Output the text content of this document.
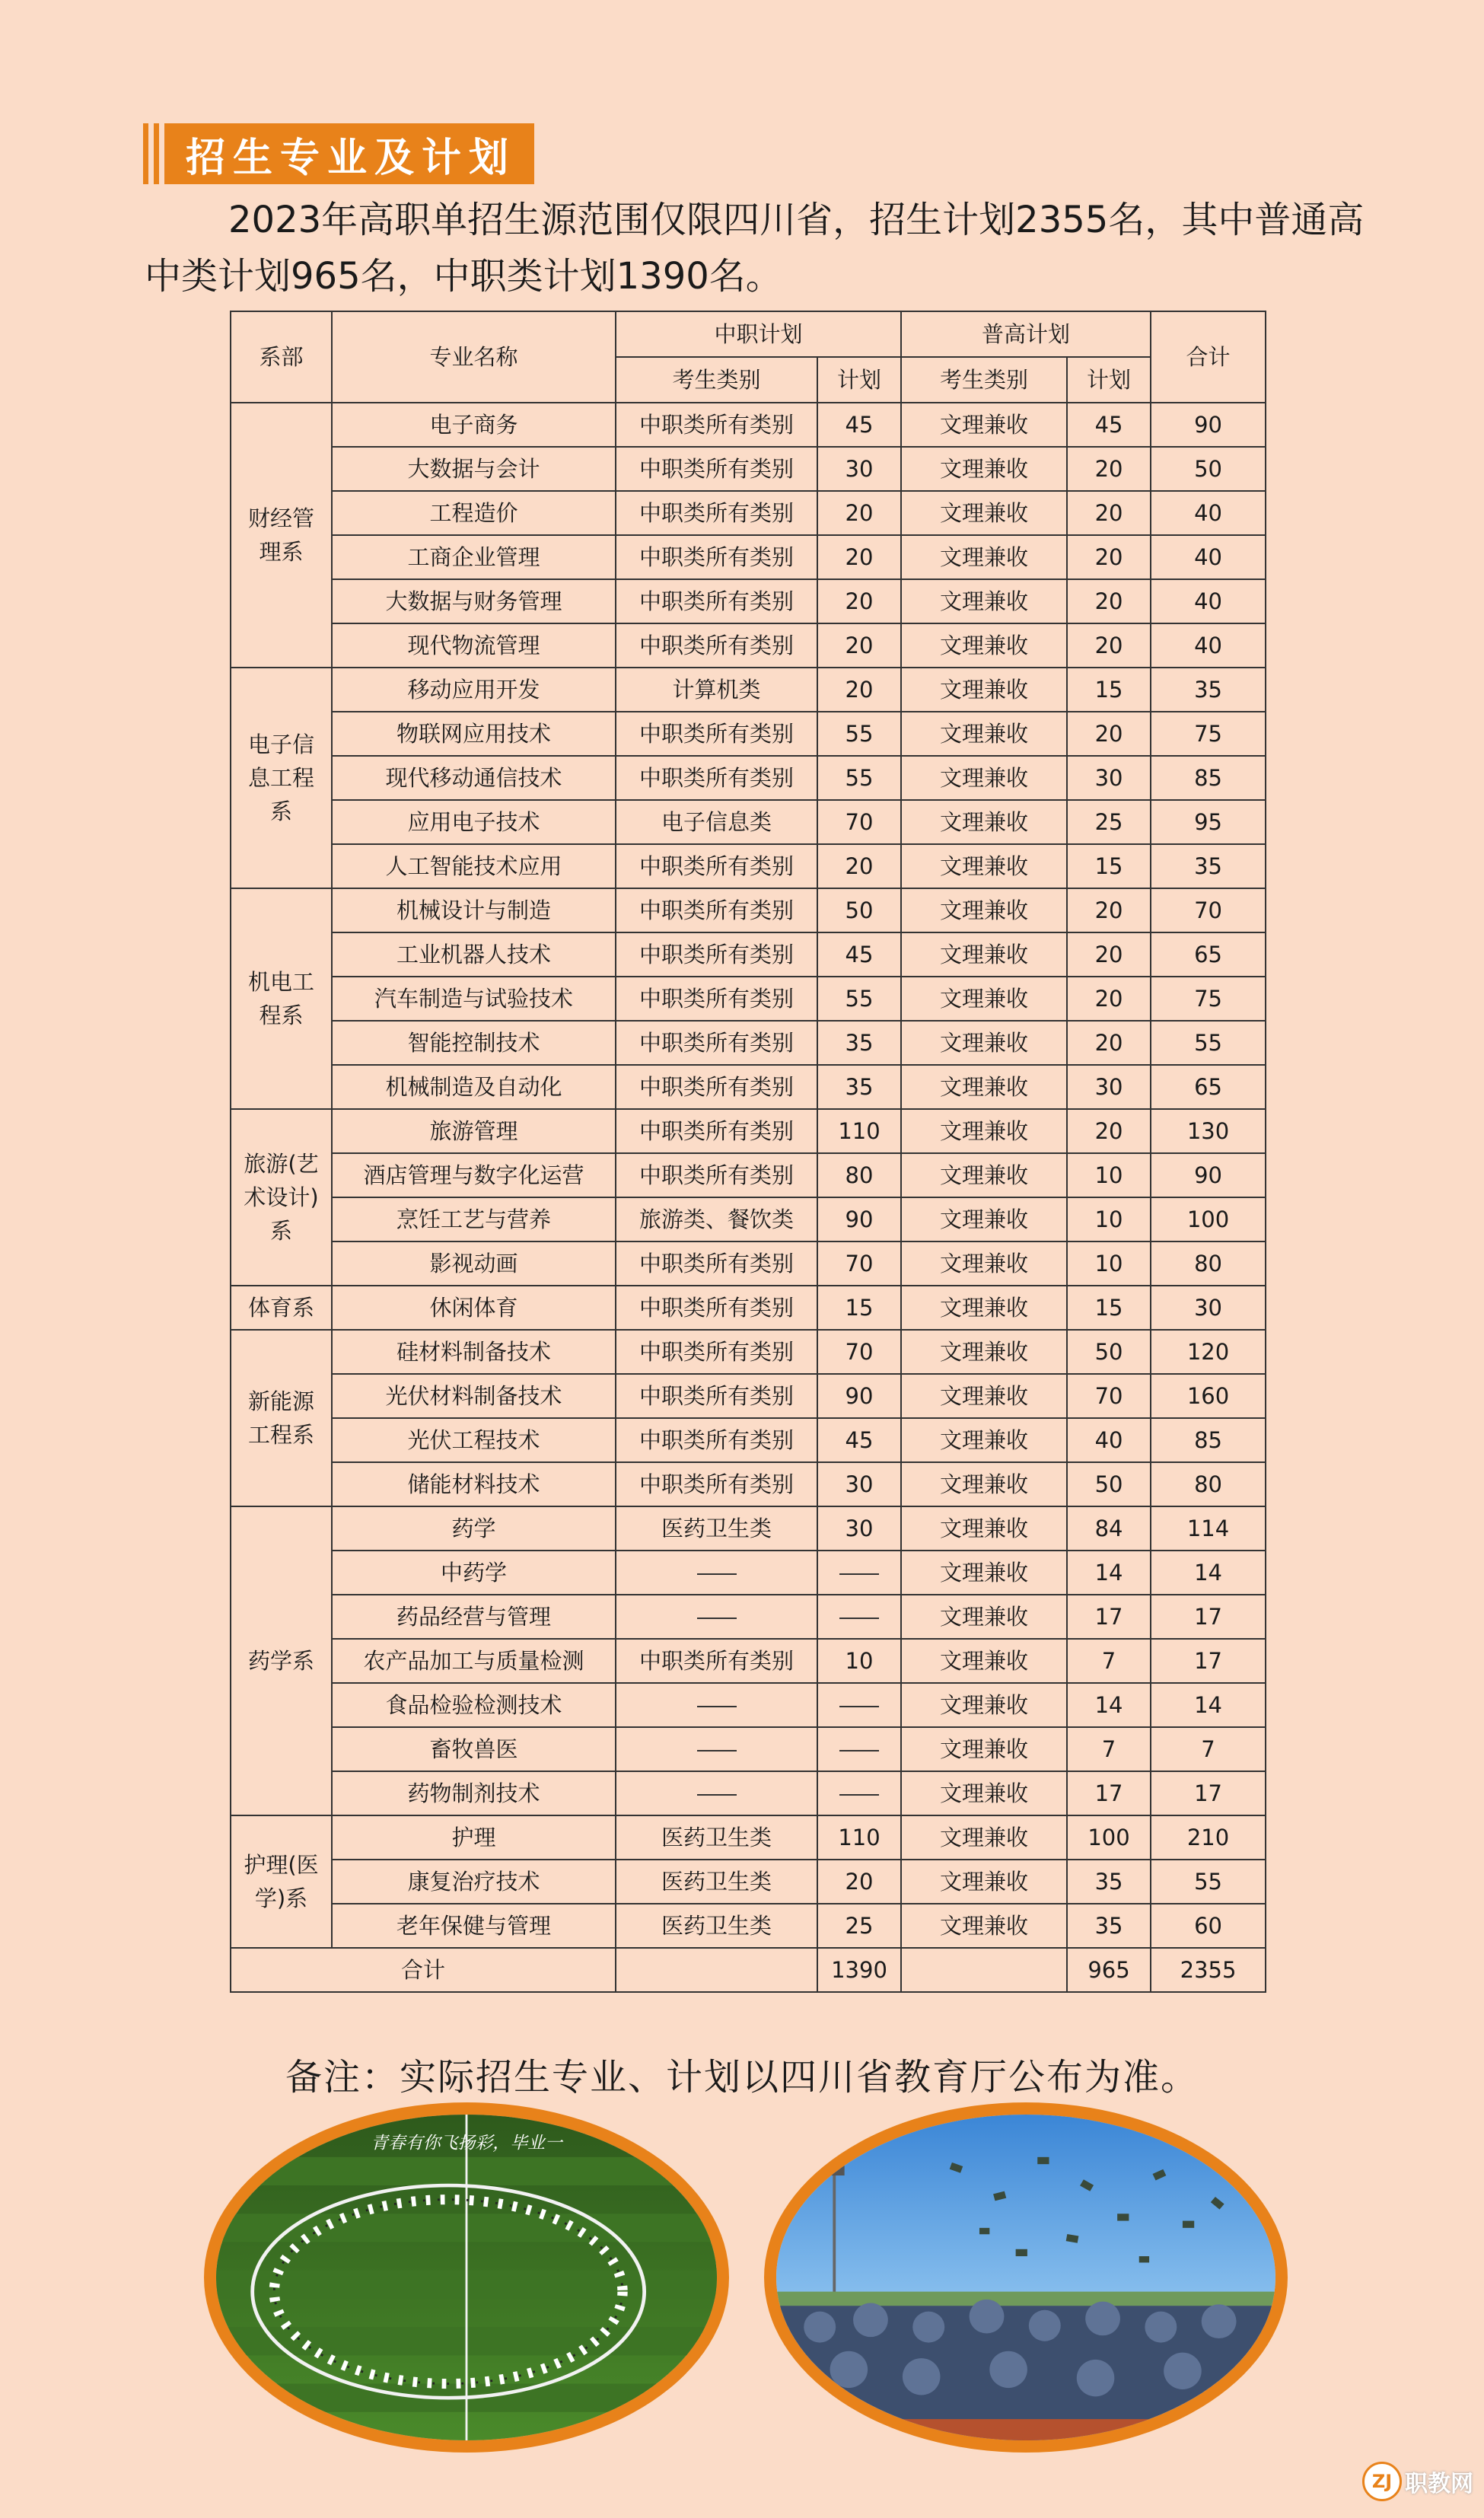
招生专业及计划
2023年高职单招生源范围仅限四川省，招生计划2355名，其中普通高中类计划965名，中职类计划1390名。
系部	专业名称	中职计划		普高计划		合计
		考生类别	计划	考生类别	计划	
财经管理系	电子商务	中职类所有类别	45	文理兼收	45	90
	大数据与会计	中职类所有类别	30	文理兼收	20	50
	工程造价	中职类所有类别	20	文理兼收	20	40
	工商企业管理	中职类所有类别	20	文理兼收	20	40
	大数据与财务管理	中职类所有类别	20	文理兼收	20	40
	现代物流管理	中职类所有类别	20	文理兼收	20	40
电子信息工程系	移动应用开发	计算机类	20	文理兼收	15	35
	物联网应用技术	中职类所有类别	55	文理兼收	20	75
	现代移动通信技术	中职类所有类别	55	文理兼收	30	85
	应用电子技术	电子信息类	70	文理兼收	25	95
	人工智能技术应用	中职类所有类别	20	文理兼收	15	35
机电工程系	机械设计与制造	中职类所有类别	50	文理兼收	20	70
	工业机器人技术	中职类所有类别	45	文理兼收	20	65
	汽车制造与试验技术	中职类所有类别	55	文理兼收	20	75
	智能控制技术	中职类所有类别	35	文理兼收	20	55
	机械制造及自动化	中职类所有类别	35	文理兼收	30	65
旅游(艺术设计)系	旅游管理	中职类所有类别	110	文理兼收	20	130
	酒店管理与数字化运营	中职类所有类别	80	文理兼收	10	90
	烹饪工艺与营养	旅游类、餐饮类	90	文理兼收	10	100
	影视动画	中职类所有类别	70	文理兼收	10	80
体育系	休闲体育	中职类所有类别	15	文理兼收	15	30
新能源工程系	硅材料制备技术	中职类所有类别	70	文理兼收	50	120
	光伏材料制备技术	中职类所有类别	90	文理兼收	70	160
	光伏工程技术	中职类所有类别	45	文理兼收	40	85
	储能材料技术	中职类所有类别	30	文理兼收	50	80
药学系	药学	医药卫生类	30	文理兼收	84	114
	中药学			文理兼收	14	14
	药品经营与管理			文理兼收	17	17
	农产品加工与质量检测	中职类所有类别	10	文理兼收	7	17
	食品检验检测技术			文理兼收	14	14
	畜牧兽医			文理兼收	7	7
	药物制剂技术			文理兼收	17	17
护理(医学)系	护理	医药卫生类	110	文理兼收	100	210
	康复治疗技术	医药卫生类	20	文理兼收	35	55
	老年保健与管理	医药卫生类	25	文理兼收	35	60
合计			1390		965	2355
备注：实际招生专业、计划以四川省教育厅公布为准。
青春有你飞扬彩，毕业一
ZJ 职教网
